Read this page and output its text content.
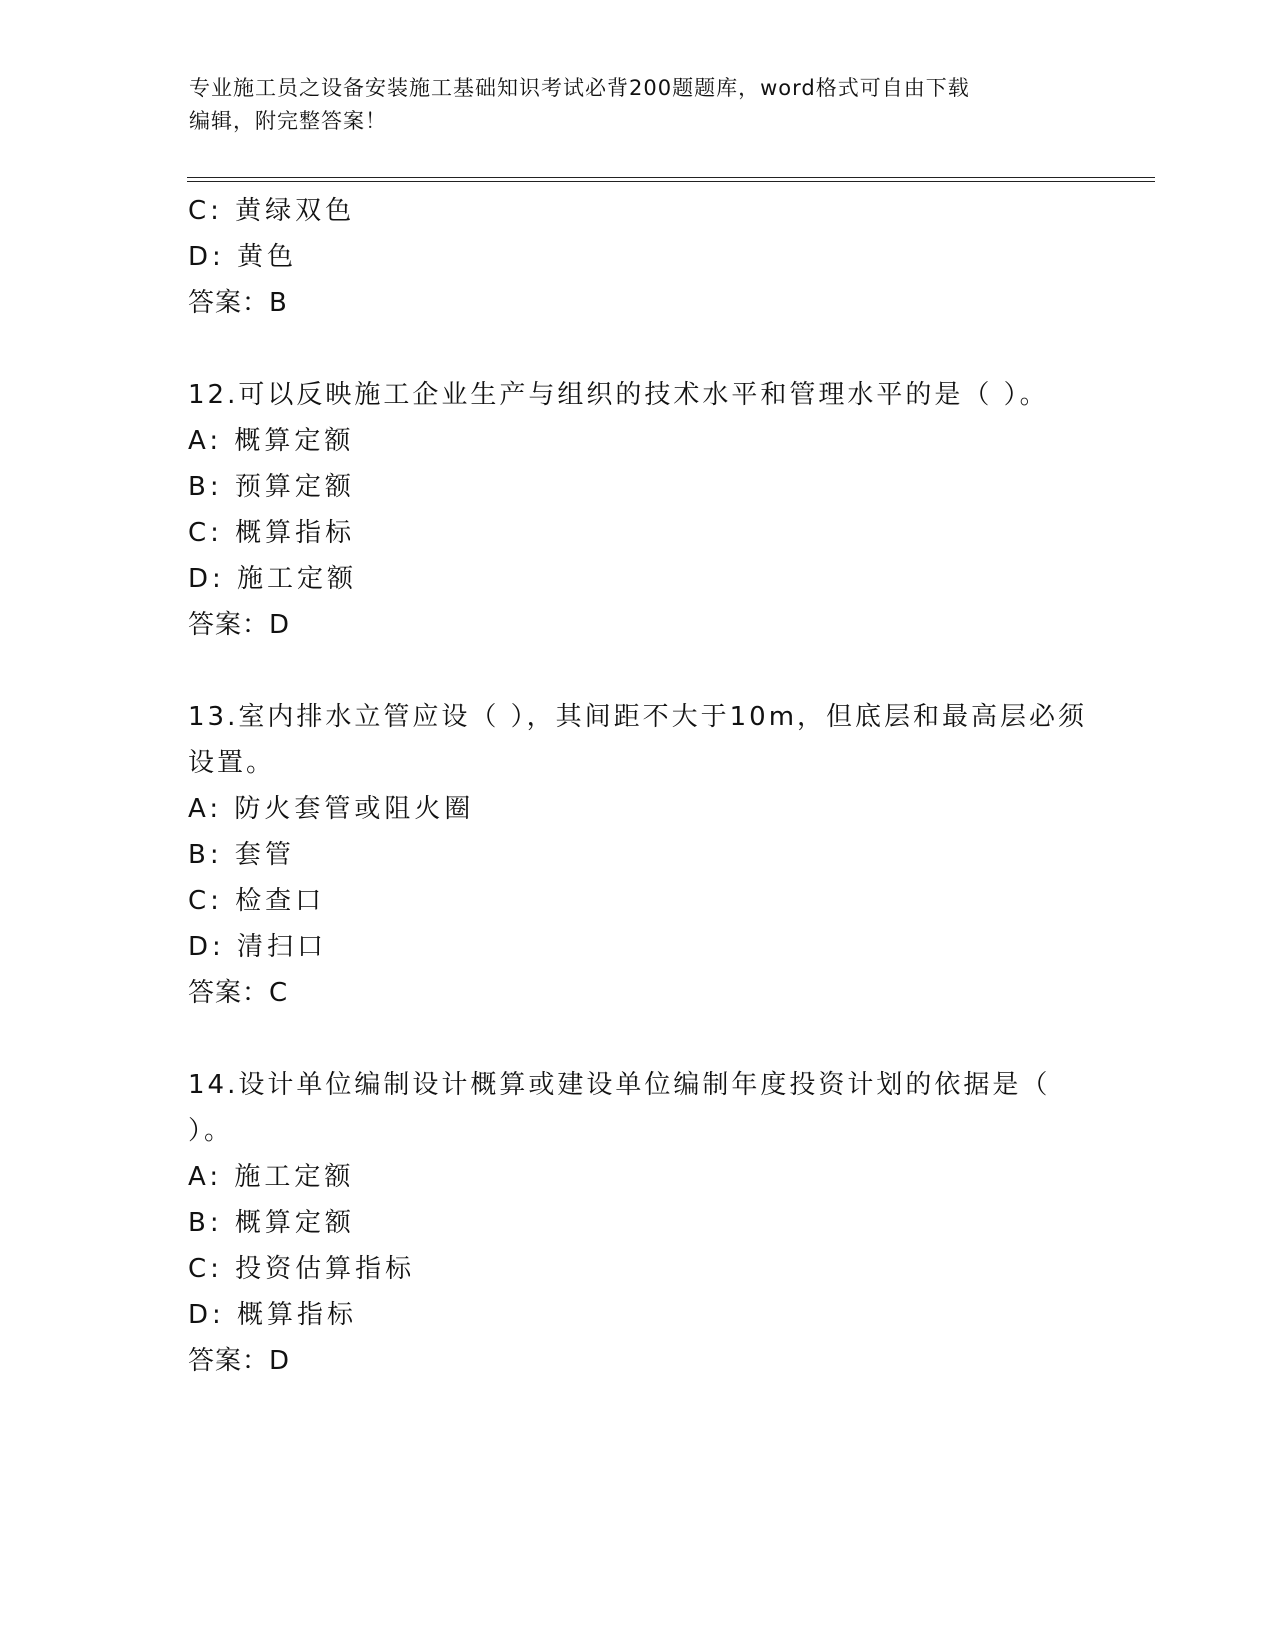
专业施工员之设备安装施工基础知识考试必背200题题库，word格式可自由下载
编辑，附完整答案！
C: 黄绿双色
D: 黄色
答案：B
12.可以反映施工企业生产与组织的技术水平和管理水平的是（ ）。
A: 概算定额
B: 预算定额
C: 概算指标
D: 施工定额
答案：D
13.室内排水立管应设（ ），其间距不大于10m，但底层和最高层必须
设置。
A: 防火套管或阻火圈
B: 套管
C: 检查口
D: 清扫口
答案：C
14.设计单位编制设计概算或建设单位编制年度投资计划的依据是（
）。
A: 施工定额
B: 概算定额
C: 投资估算指标
D: 概算指标
答案：D
